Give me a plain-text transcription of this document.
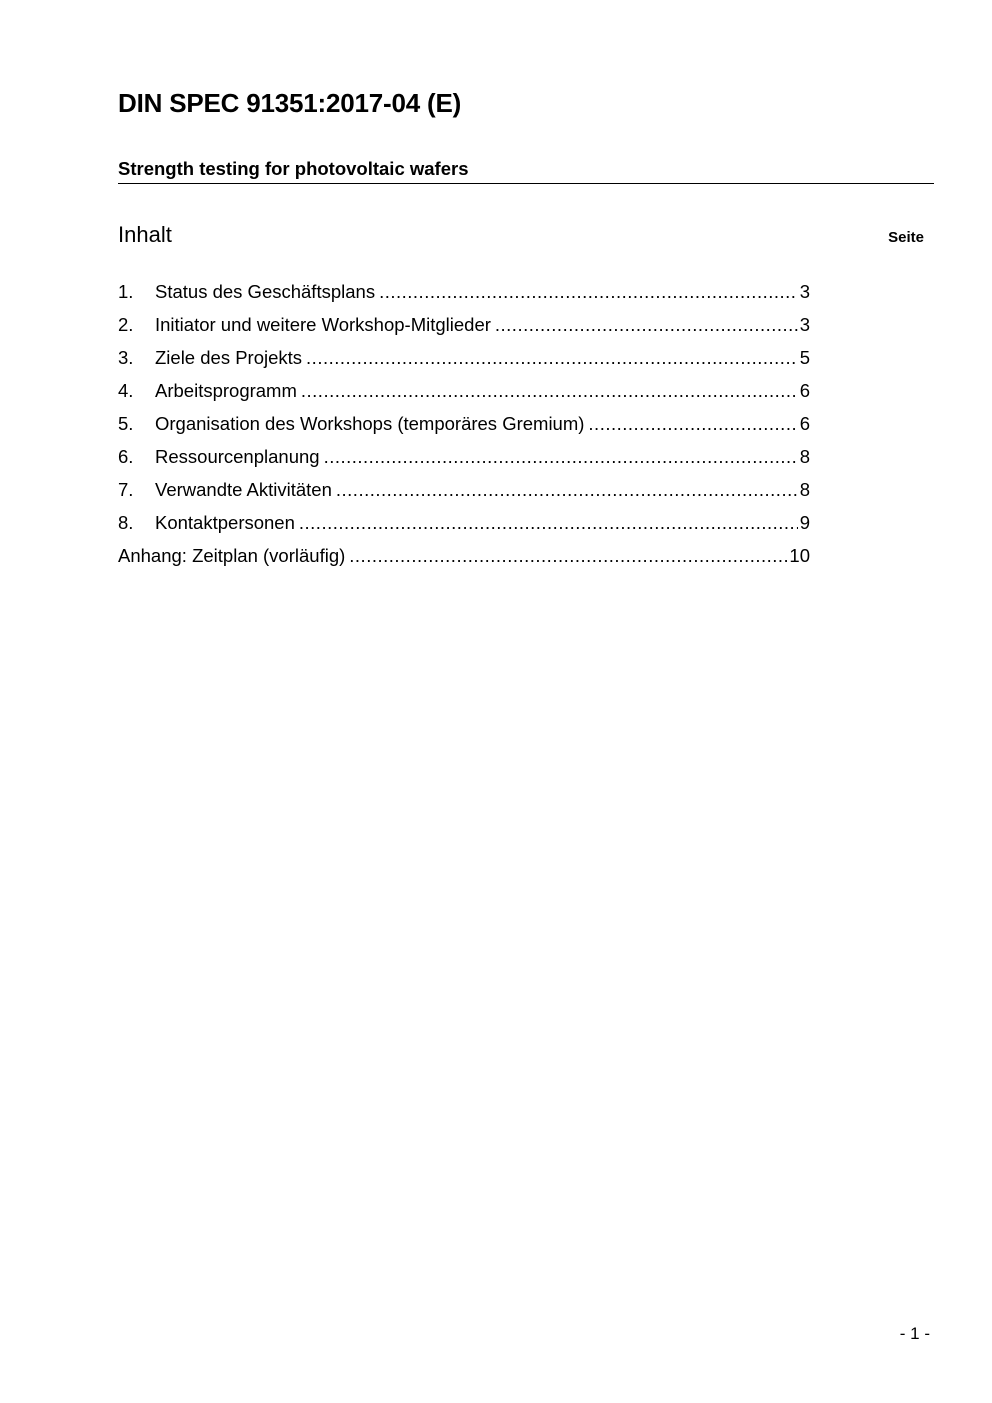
DIN SPEC 91351:2017-04 (E)
Strength testing for photovoltaic wafers
Inhalt	Seite
1.	Status des Geschäftsplans .....	3
2.	Initiator und weitere Workshop-Mitglieder .....	3
3.	Ziele des Projekts .....	5
4.	Arbeitsprogramm .....	6
5.	Organisation des Workshops (temporäres Gremium) .....	6
6.	Ressourcenplanung .....	8
7.	Verwandte Aktivitäten .....	8
8.	Kontaktpersonen .....	9
Anhang: Zeitplan (vorläufig) .....	10
- 1 -
